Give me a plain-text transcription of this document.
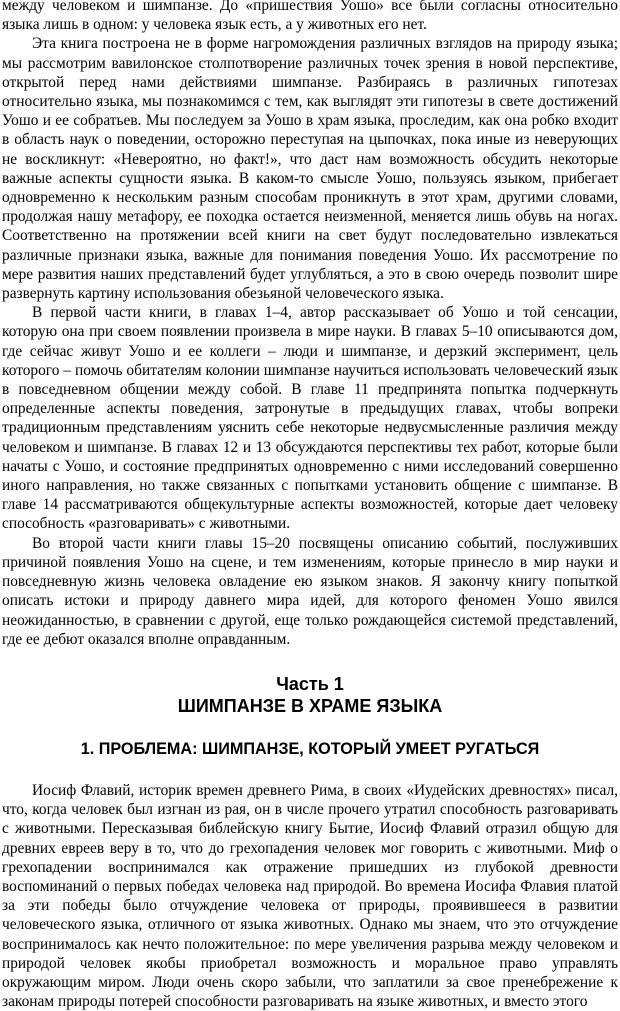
между человеком и шимпанзе. До «пришествия Уошо» все были согласны относительно языка лишь в одном: у человека язык есть, а у животных его нет.

Эта книга построена не в форме нагромождения различных взглядов на природу языка; мы рассмотрим вавилонское столпотворение различных точек зрения в новой перспективе, открытой перед нами действиями шимпанзе. Разбираясь в различных гипотезах относительно языка, мы познакомимся с тем, как выглядят эти гипотезы в свете достижений Уошо и ее собратьев. Мы последуем за Уошо в храм языка, проследим, как она робко входит в область наук о поведении, осторожно переступая на цыпочках, пока иные из неверующих не воскликнут: «Невероятно, но факт!», что даст нам возможность обсудить некоторые важные аспекты сущности языка. В каком-то смысле Уошо, пользуясь языком, прибегает одновременно к нескольким разным способам проникнуть в этот храм, другими словами, продолжая нашу метафору, ее походка остается неизменной, меняется лишь обувь на ногах. Соответственно на протяжении всей книги на свет будут последовательно извлекаться различные признаки языка, важные для понимания поведения Уошо. Их рассмотрение по мере развития наших представлений будет углубляться, а это в свою очередь позволит шире развернуть картину использования обезьяной человеческого языка.

В первой части книги, в главах 1–4, автор рассказывает об Уошо и той сенсации, которую она при своем появлении произвела в мире науки. В главах 5–10 описываются дом, где сейчас живут Уошо и ее коллеги – люди и шимпанзе, и дерзкий эксперимент, цель которого – помочь обитателям колонии шимпанзе научиться использовать человеческий язык в повседневном общении между собой. В главе 11 предпринята попытка подчеркнуть определенные аспекты поведения, затронутые в предыдущих главах, чтобы вопреки традиционным представлениям уяснить себе некоторые недвусмысленные различия между человеком и шимпанзе. В главах 12 и 13 обсуждаются перспективы тех работ, которые были начаты с Уошо, и состояние предпринятых одновременно с ними исследований совершенно иного направления, но также связанных с попытками установить общение с шимпанзе. В главе 14 рассматриваются общекультурные аспекты возможностей, которые дает человеку способность «разговаривать» с животными.

Во второй части книги главы 15–20 посвящены описанию событий, послуживших причиной появления Уошо на сцене, и тем изменениям, которые принесло в мир науки и повседневную жизнь человека овладение ею языком знаков. Я закончу книгу попыткой описать истоки и природу давнего мира идей, для которого феномен Уошо явился неожиданностью, в сравнении с другой, еще только рождающейся системой представлений, где ее дебют оказался вполне оправданным.

Часть 1
ШИМПАНЗЕ В ХРАМЕ ЯЗЫКА
1. ПРОБЛЕМА: ШИМПАНЗЕ, КОТОРЫЙ УМЕЕТ РУГАТЬСЯ

Иосиф Флавий, историк времен древнего Рима, в своих «Иудейских древностях» писал, что, когда человек был изгнан из рая, он в числе прочего утратил способность разговаривать с животными. Пересказывая библейскую книгу Бытие, Иосиф Флавий отразил общую для древних евреев веру в то, что до грехопадения человек мог говорить с животными. Миф о грехопадении воспринимался как отражение пришедших из глубокой древности воспоминаний о первых победах человека над природой. Во времена Иосифа Флавия платой за эти победы было отчуждение человека от природы, проявившееся в развитии человеческого языка, отличного от языка животных. Однако мы знаем, что это отчуждение воспринималось как нечто положительное: по мере увеличения разрыва между человеком и природой человек якобы приобретал возможность и моральное право управлять окружающим миром. Люди очень скоро забыли, что заплатили за свое пренебрежение к законам природы потерей способности разговаривать на языке животных, и вместо этого
